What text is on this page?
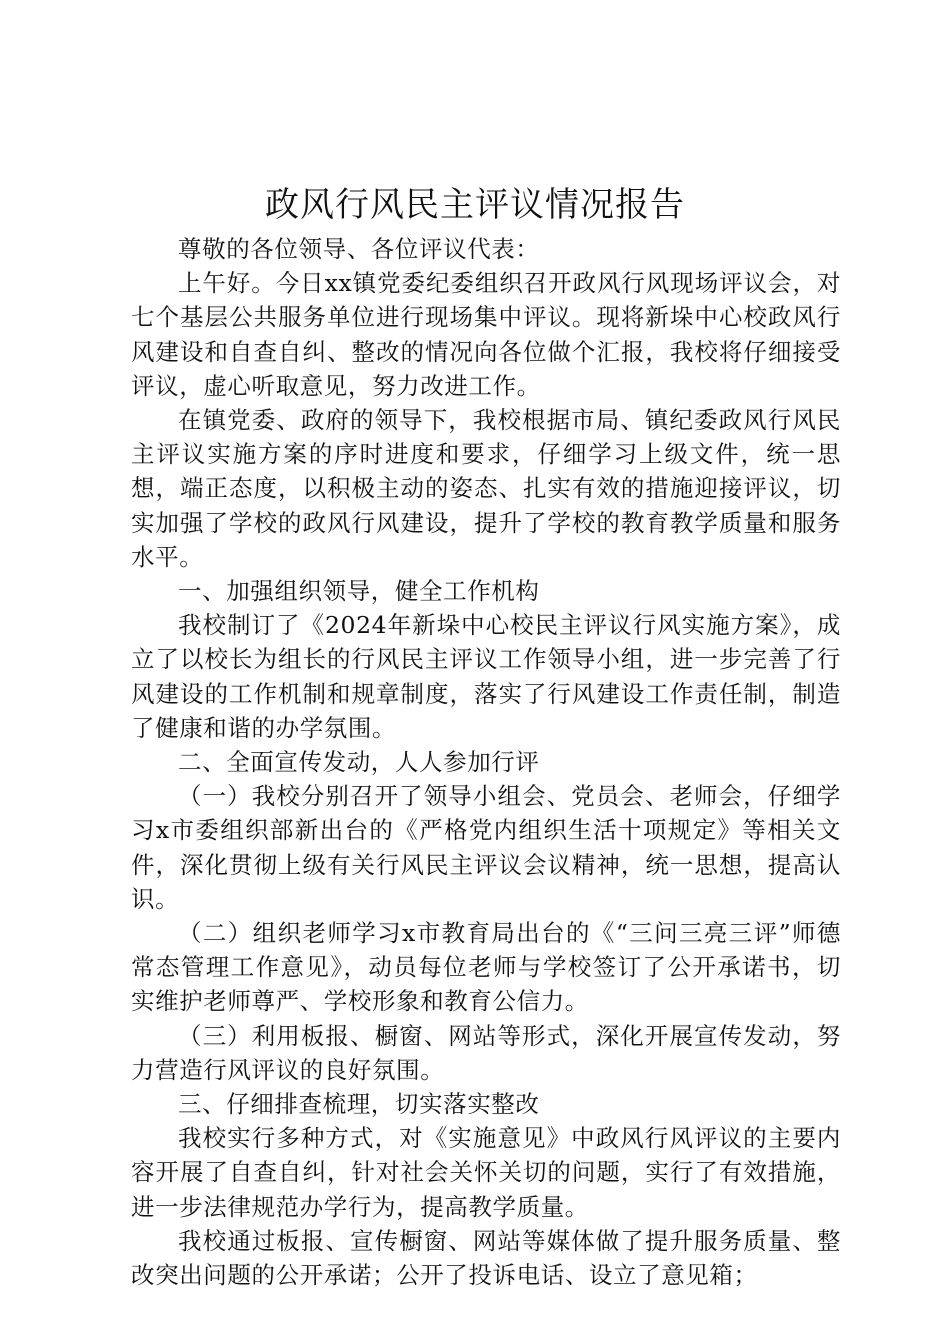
政风行风民主评议情况报告

尊敬的各位领导、各位评议代表：

上午好。今日xx镇党委纪委组织召开政风行风现场评议会，对七个基层公共服务单位进行现场集中评议。现将新垛中心校政风行风建设和自查自纠、整改的情况向各位做个汇报，我校将仔细接受评议，虚心听取意见，努力改进工作。

在镇党委、政府的领导下，我校根据市局、镇纪委政风行风民主评议实施方案的序时进度和要求，仔细学习上级文件，统一思想，端正态度，以积极主动的姿态、扎实有效的措施迎接评议，切实加强了学校的政风行风建设，提升了学校的教育教学质量和服务水平。

一、加强组织领导，健全工作机构

我校制订了《2024年新垛中心校民主评议行风实施方案》，成立了以校长为组长的行风民主评议工作领导小组，进一步完善了行风建设的工作机制和规章制度，落实了行风建设工作责任制，制造了健康和谐的办学氛围。

二、全面宣传发动，人人参加行评

（一）我校分别召开了领导小组会、党员会、老师会，仔细学习x市委组织部新出台的《严格党内组织生活十项规定》等相关文件，深化贯彻上级有关行风民主评议会议精神，统一思想，提高认识。

（二）组织老师学习x市教育局出台的《“三问三亮三评”师德常态管理工作意见》，动员每位老师与学校签订了公开承诺书，切实维护老师尊严、学校形象和教育公信力。

（三）利用板报、橱窗、网站等形式，深化开展宣传发动，努力营造行风评议的良好氛围。

三、仔细排查梳理，切实落实整改

我校实行多种方式，对《实施意见》中政风行风评议的主要内容开展了自查自纠，针对社会关怀关切的问题，实行了有效措施，进一步法律规范办学行为，提高教学质量。

我校通过板报、宣传橱窗、网站等媒体做了提升服务质量、整改突出问题的公开承诺；公开了投诉电话、设立了意见箱；
